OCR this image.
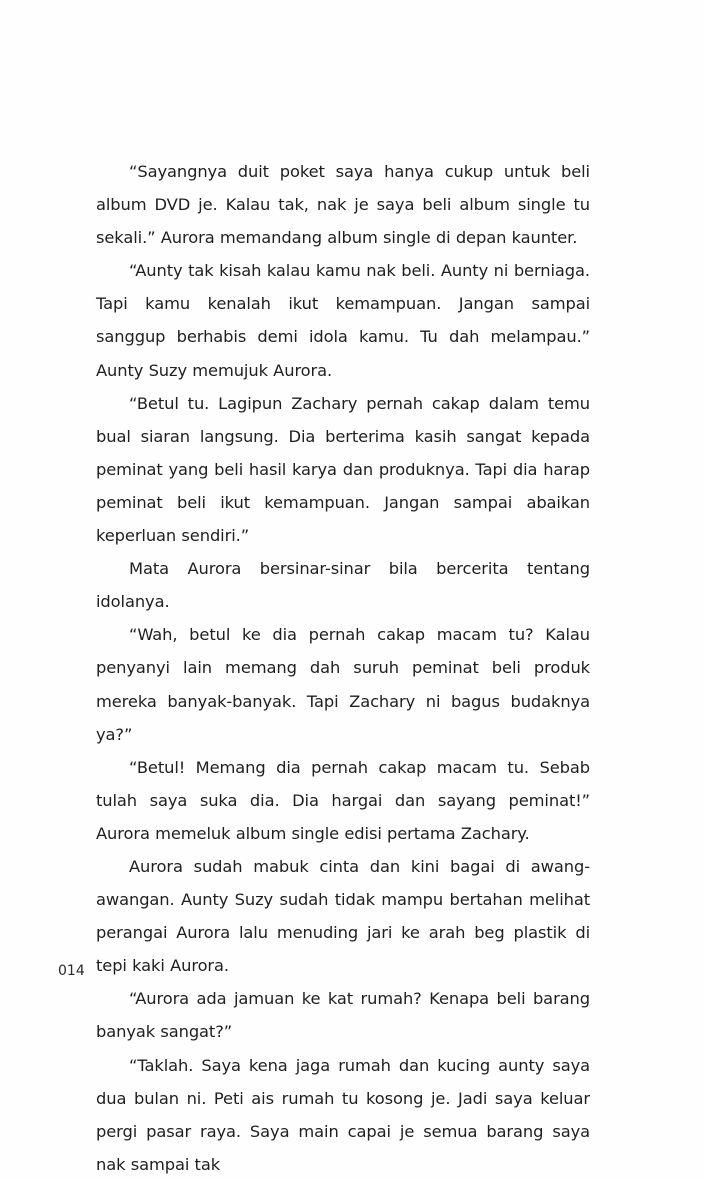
“Sayangnya duit poket saya hanya cukup untuk beli album DVD je. Kalau tak, nak je saya beli album single tu sekali.” Aurora memandang album single di depan kaunter.

“Aunty tak kisah kalau kamu nak beli. Aunty ni berniaga. Tapi kamu kenalah ikut kemampuan. Jangan sampai sanggup berhabis demi idola kamu. Tu dah melampau.” Aunty Suzy memujuk Aurora.

“Betul tu. Lagipun Zachary pernah cakap dalam temu bual siaran langsung. Dia berterima kasih sangat kepada peminat yang beli hasil karya dan produknya. Tapi dia harap peminat beli ikut kemampuan. Jangan sampai abaikan keperluan sendiri.”

Mata Aurora bersinar-sinar bila bercerita tentang idolanya.

“Wah, betul ke dia pernah cakap macam tu? Kalau penyanyi lain memang dah suruh peminat beli produk mereka banyak-banyak. Tapi Zachary ni bagus budaknya ya?”

“Betul! Memang dia pernah cakap macam tu. Sebab tulah saya suka dia. Dia hargai dan sayang peminat!” Aurora memeluk album single edisi pertama Zachary.

Aurora sudah mabuk cinta dan kini bagai di awang-awangan. Aunty Suzy sudah tidak mampu bertahan melihat perangai Aurora lalu menuding jari ke arah beg plastik di tepi kaki Aurora.

“Aurora ada jamuan ke kat rumah? Kenapa beli barang banyak sangat?”

“Taklah. Saya kena jaga rumah dan kucing aunty saya dua bulan ni. Peti ais rumah tu kosong je. Jadi saya keluar pergi pasar raya. Saya main capai je semua barang saya nak sampai tak

014
